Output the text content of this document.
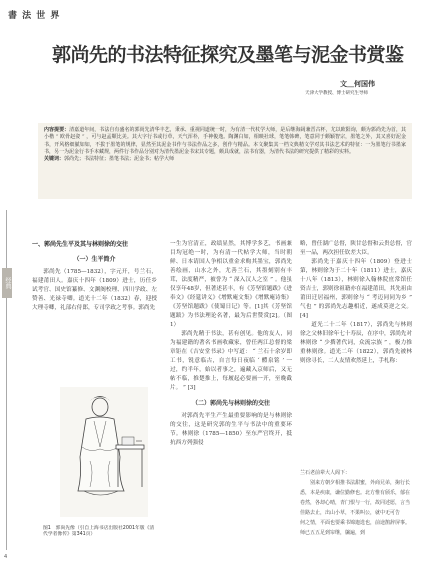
書 法 世 界
郭尚先的书法特征探究及墨笔与泥金书赏鉴
文＿何国伟
天津大学教授、博士研究生导师
内容提要：清嘉道年间，书法自有盛名的郭尚先清华丰艺，秉承、重视同道统一时，为有清一代杖学大师，是后继海阔兼晋古杯，尤以欧阳询，颇为郭尚先为首，其小楷 “ 欧骨赵姿 ” ，可与赵孟頫比美。其大字行书或行草，天气浑朴，手神俊逸。陶渊白如，相映社球，笔笔韩碑，笔意同于颇颖智宗，墨笔之外，其又喜好泥金书，开风格细腻如如，不拔于墨笔的规律，显然至其泥金书作与书法作品之多，创作与精品。本文聚集其一档文典精文学对其书法艺术的特征：一为墨笔行书墨家书，另一为泥金行书手本藏规，两件行书作品分别对为清代墨泥金书宋其专题，颇具成就，法书有器，为清代书法的研究提供了精彩的实料。
关键词：郭尚先；书法特征；墨笔书法；泥金书；帖学大师
经典
4
一、郭尚先生平及其与林则徐的交往
（一）生平简介

郭尚先（1785—1832），字元开，号兰石，福建莆田人。嘉庆十四年（1809）进士，历任乡试考官、国史馆纂修、文渊阁校理、四川学政、左赞善、光禄寺卿。道光十二年（1832）春，迎授大理寺卿，礼部右侍郎，专司学政之考事。郭尚先

图1　郭尚先像（引自上海书店出版社2001年版《清代学者像传》第341页）

一生为官清正，政绩显然，其博学多艺，书画兼目均冠绝一时，为有清一代帖学大师，当时朝鲜、日本请国人争相以重金求购其墨宝，郭尚先善绘画，山水之外，尤善兰石，其墨刻别有丰茸，法度精严，被誉为 “ 深入汉人之室 ” 。他虽仅享年48岁，但著述甚丰，有《芳坚馆题跋》《进奉文》《经筵讲义》《增默庵文集》《增默庵诗集》《芳坚馆题跋》《使蜀日记》等。[1]其《芳坚馆题跋》为书法理论名著，最为后世赞赏[2]。（图1）

郭尚先精于书法，甚有创见。他的友人，同为福建籍的著名书画收藏家，曾任两江总督的梁章钜在《吉安堂书录》中写道： “ 兰石十余岁即工书，锐意临古，自言每日夜临 ‘ 醴泉铭 ’ 一过，约半年，始以者事之，遍藏入京师后，又无帖不临，推楚推上，每履起必要画一开，至晚截片。 ” [3]

（二）郭尚先与林则徐的交往

对郭尚先平生产生最重要影响的是与林则徐的交往，这是研究郭的生平与书法中的重要环节。林则徐（1785—1850）至东严官终开，抵抗西方列强侵

略，曾任湖广总督，陕甘总督和云贵总督，官至一品，两次担任钦差大臣。

郭尚先于嘉庆十四年（1809）登进士第，林则徐为于二十年（1811）进士，嘉庆十八年（1813），林则徐入翰林院庶常馆任资吉士，郭则徐祖籍亦在福建莆田，其先祖由莆田迁居福州，郭则徐与 “ 考迈同同为乡 ” 气也 ” 的郭尚先志趣相近，遂成莫逆之交。[4]

道光二十二年（1817），郭尚先与林则徐之父林旧徐年七十寿辰，在序中，郭尚先对林则徐 “ 少撰著代词，众流宗族 ” ，极力推重林则徐。道光二年（1822），郭尚先被林则徐寻长，二人友情欢然延上，手札称：

兰石老前辈大人阁下：

别来方朝夕相推书法甜蜜，外商兄弟，掬行长悉，本是疾康，谦位勤修也。北方惟有颀乐，郁在卷然，各却心晴，青门恨与一行，故同述愿，言当佳路去止，出山小草，不果叫公，就中无可告

何之情，平面也要乘书锦迦选也，前途鹊辞屏事。师已五五足到帘继，牖遍，到
